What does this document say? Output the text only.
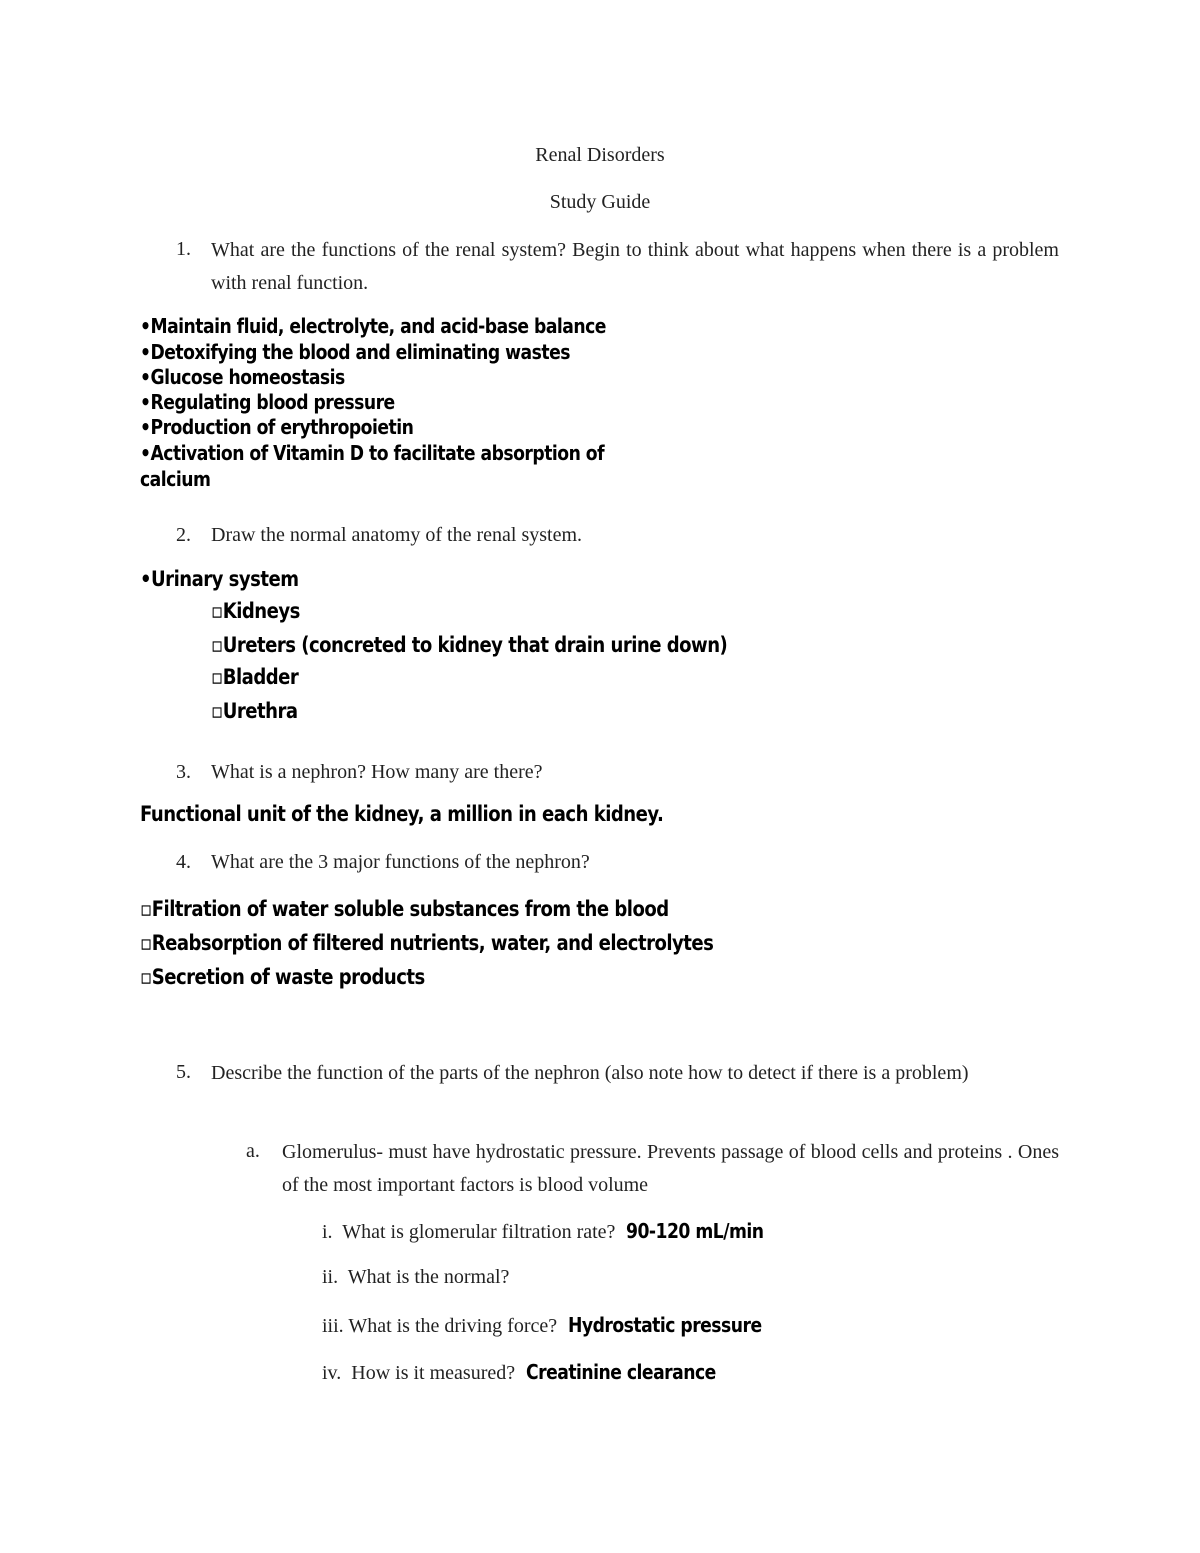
Renal Disorders
Study Guide
1. What are the functions of the renal system? Begin to think about what happens when there is a problem with renal function.
•Maintain fluid, electrolyte, and acid-base balance
•Detoxifying the blood and eliminating wastes
•Glucose homeostasis
•Regulating blood pressure
•Production of erythropoietin
•Activation of Vitamin D to facilitate absorption of
calcium
2. Draw the normal anatomy of the renal system.
•Urinary system
▫Kidneys
▫Ureters (concreted to kidney that drain urine down)
▫Bladder
▫Urethra
3. What is a nephron? How many are there?
Functional unit of the kidney, a million in each kidney.
4. What are the 3 major functions of the nephron?
▫Filtration of water soluble substances from the blood
▫Reabsorption of filtered nutrients, water, and electrolytes
▫Secretion of waste products
5. Describe the function of the parts of the nephron (also note how to detect if there is a problem)
a. Glomerulus- must have hydrostatic pressure. Prevents passage of blood cells and proteins . Ones of the most important factors is blood volume
i. What is glomerular filtration rate? 90-120 mL/min
ii. What is the normal?
iii. What is the driving force? Hydrostatic pressure
iv. How is it measured? Creatinine clearance
